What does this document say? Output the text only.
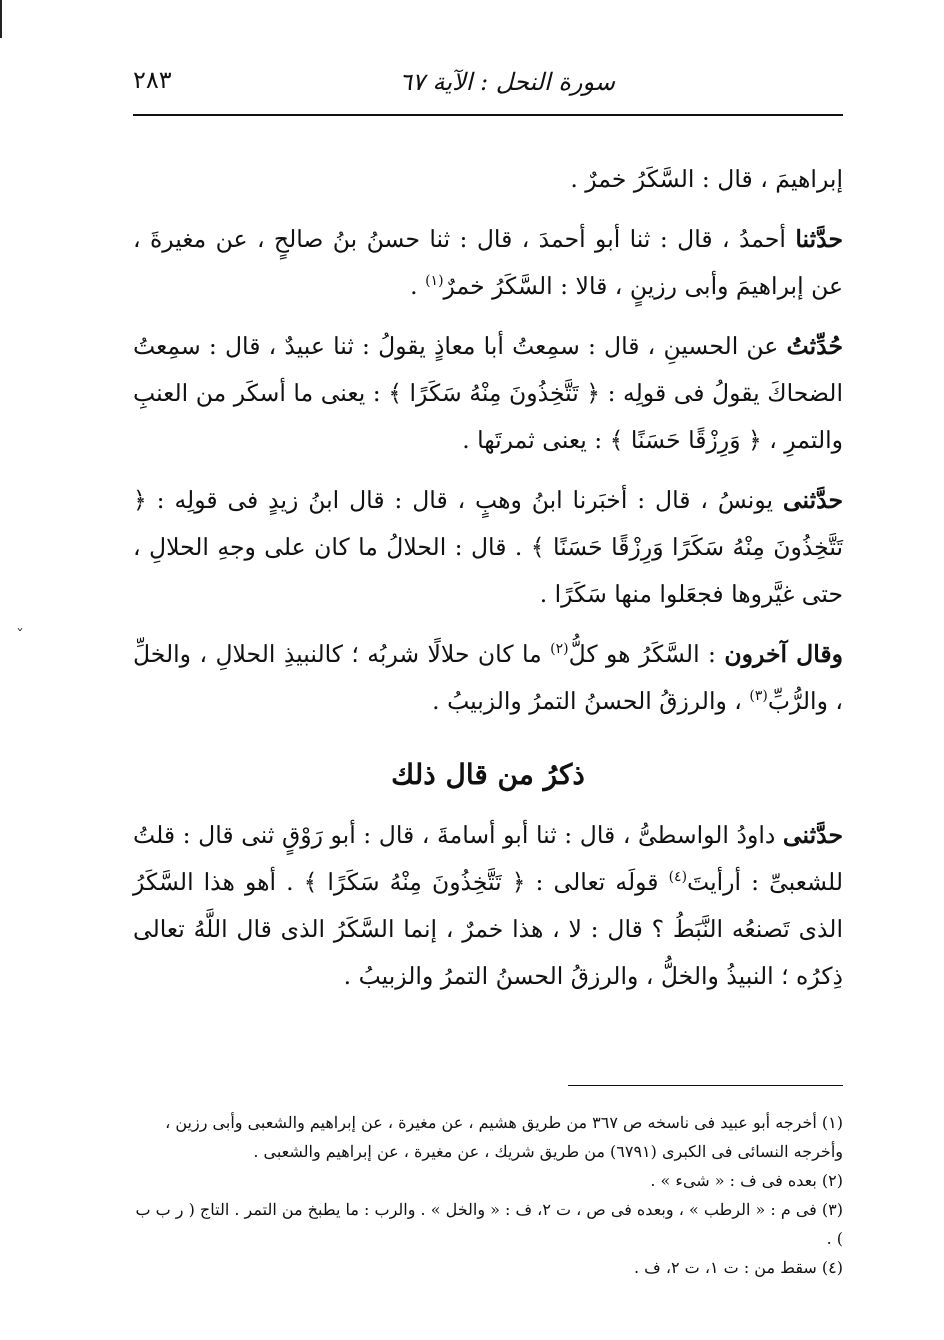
ˇ
سورة النحل : الآية ٦٧
٢٨٣

إبراهيمَ ، قال : السَّكَرُ خمرٌ .

حدَّثنا أحمدُ ، قال : ثنا أبو أحمدَ ، قال : ثنا حسنُ بنُ صالحٍ ، عن مغيرةَ ، عن إبراهيمَ وأبى رزينٍ ، قالا : السَّكَرُ خمرٌ$^{(١)}$ .

حُدِّثتُ عن الحسينِ ، قال : سمِعتُ أبا معاذٍ يقولُ : ثنا عبيدٌ ، قال : سمِعتُ الضحاكَ يقولُ فى قولِه : ﴿ تَتَّخِذُونَ مِنْهُ سَكَرًا ﴾ : يعنى ما أسكَر من العنبِ والتمرِ ، ﴿ وَرِزْقًا حَسَنًا ﴾ : يعنى ثمرتَها .

حدَّثنى يونسُ ، قال : أخبَرنا ابنُ وهبٍ ، قال : قال ابنُ زيدٍ فى قولِه : ﴿ تَتَّخِذُونَ مِنْهُ سَكَرًا وَرِزْقًا حَسَنًا ﴾ . قال : الحلالُ ما كان على وجهِ الحلالِ ، حتى غيَّروها فجعَلوا منها سَكَرًا .

وقال آخرون : السَّكَرُ هو كلُّ$^{(٢)}$ ما كان حلالًا شربُه ؛ كالنبيذِ الحلالِ ، والخلِّ ، والرُّبِّ$^{(٣)}$ ، والرزقُ الحسنُ التمرُ والزبيبُ .

ذكرُ من قال ذلك

حدَّثنى داودُ الواسطىُّ ، قال : ثنا أبو أسامةَ ، قال : أبو رَوْقٍ ثنى قال : قلتُ للشعبىِّ : أرأيتَ$^{(٤)}$ قولَه تعالى : ﴿ تَتَّخِذُونَ مِنْهُ سَكَرًا ﴾ . أهو هذا السَّكَرُ الذى تَصنعُه النَّبَطُ ؟ قال : لا ، هذا خمرٌ ، إنما السَّكَرُ الذى قال اللَّهُ تعالى ذِكرُه ؛ النبيذُ والخلُّ ، والرزقُ الحسنُ التمرُ والزبيبُ .

(١) أخرجه أبو عبيد فى ناسخه ص ٣٦٧ من طريق هشيم ، عن مغيرة ، عن إبراهيم والشعبى وأبى رزين ، وأخرجه النسائى فى الكبرى (٦٧٩١) من طريق شريك ، عن مغيرة ، عن إبراهيم والشعبى .

(٢) بعده فى ف : « شىء » .

(٣) فى م : « الرطب » ، وبعده فى ص ، ت ٢، ف : « والخل » . والرب : ما يطبخ من التمر . التاج ( ر ب ب ) .

(٤) سقط من : ت ١، ت ٢، ف .
